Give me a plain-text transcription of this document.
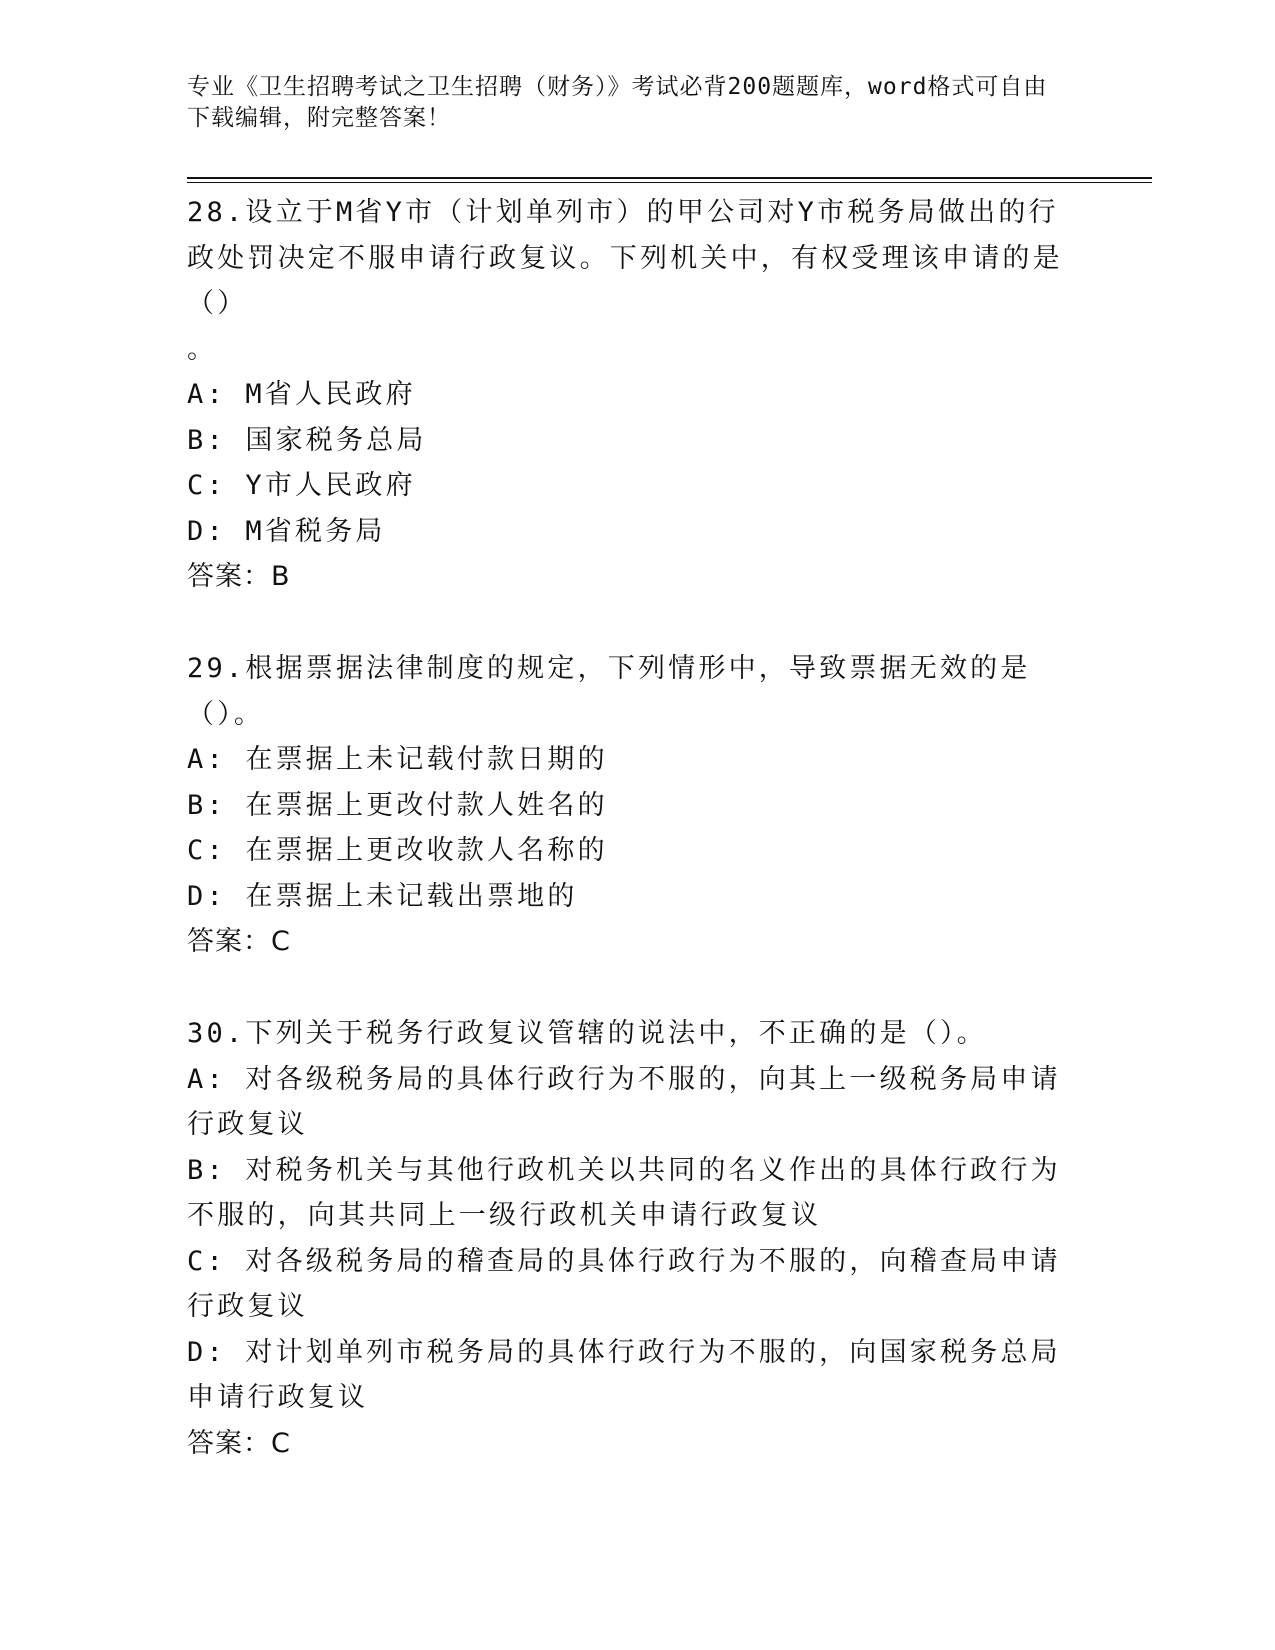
专业《卫生招聘考试之卫生招聘（财务）》考试必背200题题库，word格式可自由下载编辑，附完整答案！

28.设立于M省Y市（计划单列市）的甲公司对Y市税务局做出的行政处罚决定不服申请行政复议。下列机关中，有权受理该申请的是（）
。

A: M省人民政府

B: 国家税务总局

C: Y市人民政府

D: M省税务局

答案：B

29.根据票据法律制度的规定，下列情形中，导致票据无效的是（）。

A: 在票据上未记载付款日期的

B: 在票据上更改付款人姓名的

C: 在票据上更改收款人名称的

D: 在票据上未记载出票地的

答案：C

30.下列关于税务行政复议管辖的说法中，不正确的是（）。

A: 对各级税务局的具体行政行为不服的，向其上一级税务局申请行政复议

B: 对税务机关与其他行政机关以共同的名义作出的具体行政行为不服的，向其共同上一级行政机关申请行政复议

C: 对各级税务局的稽查局的具体行政行为不服的，向稽查局申请行政复议

D: 对计划单列市税务局的具体行政行为不服的，向国家税务总局申请行政复议

答案：C
